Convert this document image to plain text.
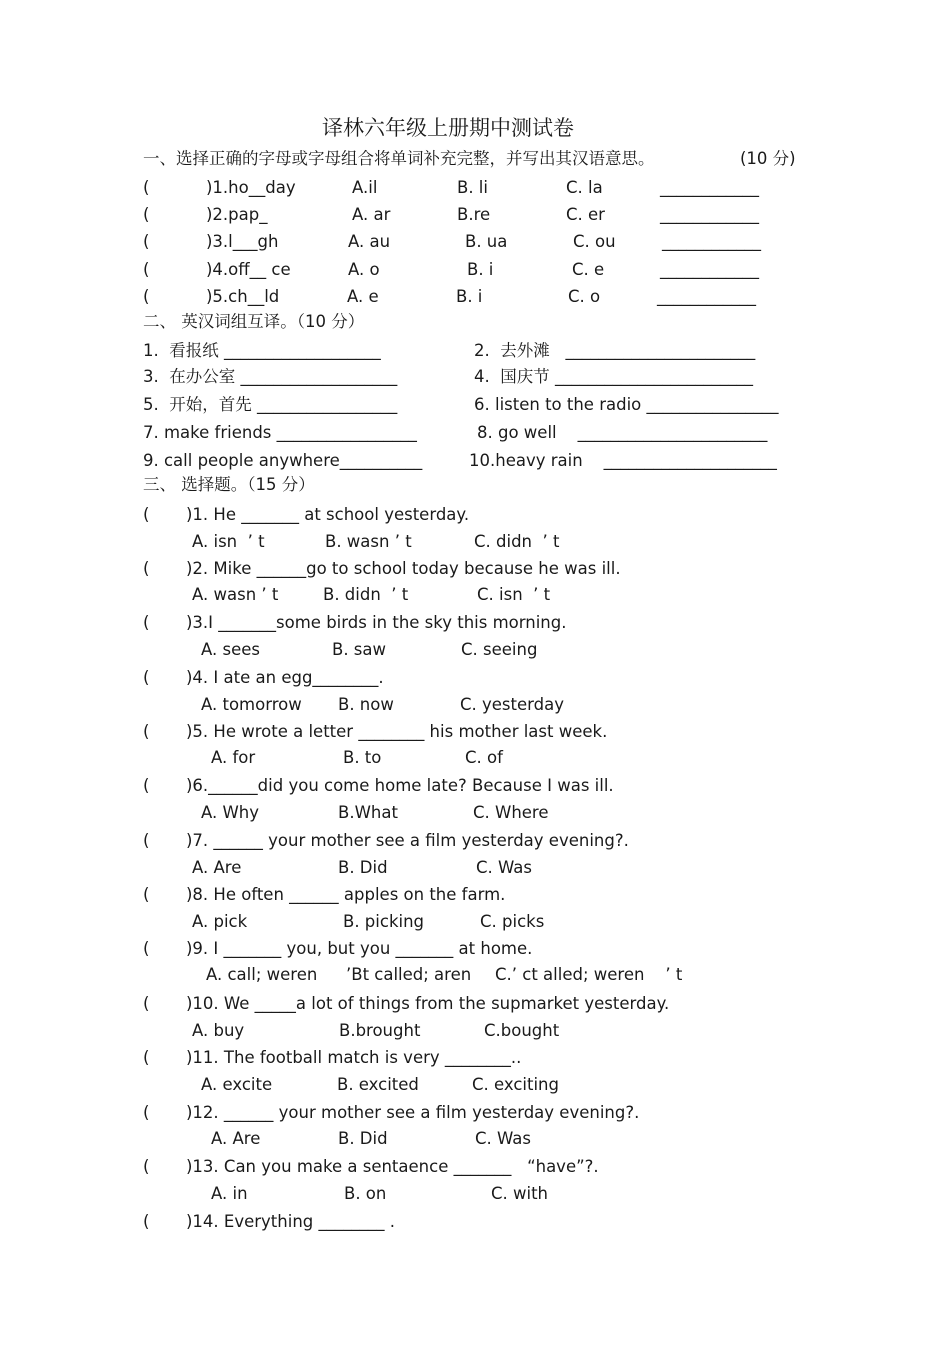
译林六年级上册期中测试卷
一、选择正确的字母或字母组合将单词补充完整，并写出其汉语意思。	(10 分)
(	)1.ho__day	A.il	B. li	C. la	____________
(	)2.pap_	A. ar	B.re	C. er	____________
(	)3.l___gh	A. au	B. ua	C. ou	____________
(	)4.off__ ce	A. o	B. i	C. e	____________
(	)5.ch__ld	A. e	B. i	C. o	____________
二、 英汉词组互译。（10 分）
1.  看报纸 ___________________	2.  去外滩   _______________________
3.  在办公室 ___________________	4.  国庆节 ________________________
5.  开始，首先 _________________	6. listen to the radio ________________
7. make friends _________________	8. go well    _______________________
9. call people anywhere__________	10.heavy rain    _____________________
三、 选择题。（15 分）
( )1. He _______ at school yesterday.
A. isn  ’ t	B. wasn ’ t	C. didn  ’ t
( )2. Mike ______go to school today because he was ill.
A. wasn ’ t	B. didn  ’ t	C. isn  ’ t
( )3.I _______some birds in the sky this morning.
A. sees	B. saw	C. seeing
( )4. I ate an egg________.
A. tomorrow B. now	C. yesterday
( )5. He wrote a letter ________ his mother last week.
A. for	B. to	C. of
( )6.______did you come home late? Because I was ill.
A. Why	B.What	C. Where
( )7. ______ your mother see a film yesterday evening?.
A. Are	B. Did	C. Was
( )8. He often ______ apples on the farm.
A. pick	B. picking	C. picks
( )9. I _______ you, but you _______ at home.
A. call; weren ’Bt called; aren C.’ ct alled; weren    ’ t
( )10. We _____a lot of things from the supmarket yesterday.
A. buy	B.brought	C.bought
( )11. The football match is very ________..
A. excite	B. excited	C. exciting
( )12. ______ your mother see a film yesterday evening?.
A. Are	B. Did	C. Was
( )13. Can you make a sentaence _______   “have”?.
A. in	B. on	C. with
( )14. Everything ________ .
